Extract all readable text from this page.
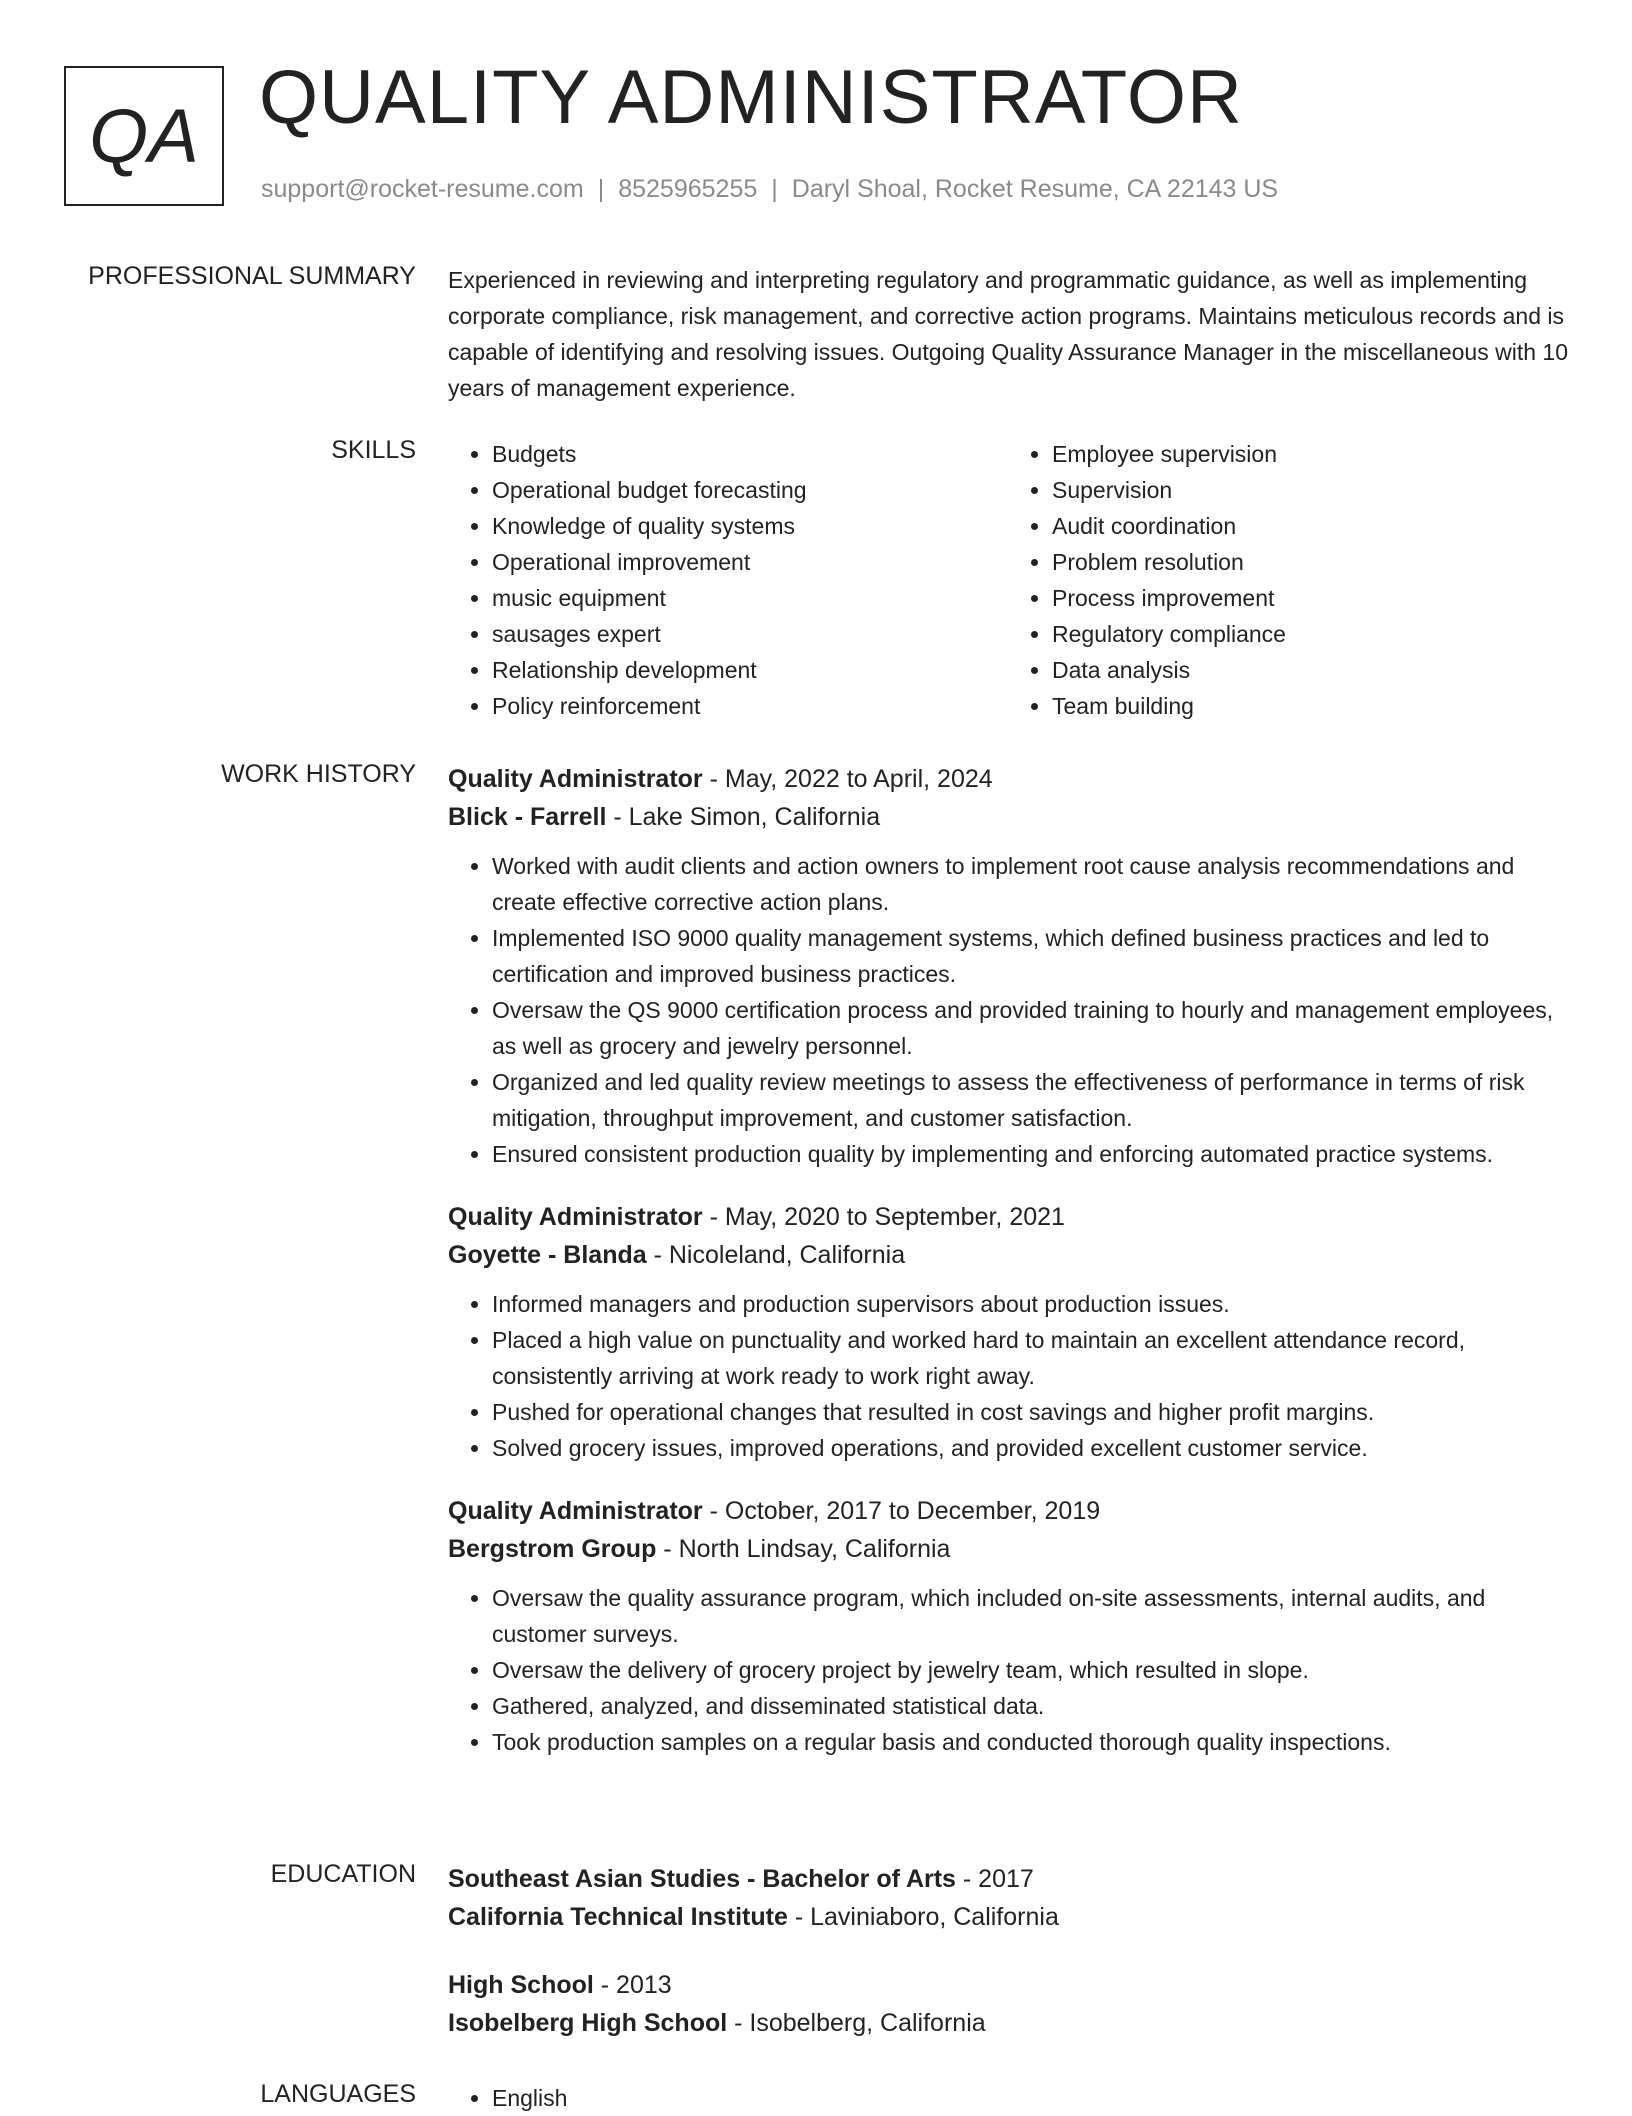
QA QUALITY ADMINISTRATOR
support@rocket-resume.com | 8525965255 | Daryl Shoal, Rocket Resume, CA 22143 US
PROFESSIONAL SUMMARY Experienced in reviewing and interpreting regulatory and programmatic guidance, as well as implementing corporate compliance, risk management, and corrective action programs. Maintains meticulous records and is capable of identifying and resolving issues. Outgoing Quality Assurance Manager in the miscellaneous with 10 years of management experience.
SKILLS	• Budgets
• Operational budget forecasting
• Knowledge of quality systems
• Operational improvement
• music equipment
• sausages expert
• Relationship development
• Policy reinforcement
• Employee supervision
• Supervision
• Audit coordination
• Problem resolution
• Process improvement
• Regulatory compliance
• Data analysis
• Team building
WORK HISTORY Quality Administrator - May, 2022 to April, 2024
Blick - Farrell - Lake Simon, California
• Worked with audit clients and action owners to implement root cause analysis recommendations and create effective corrective action plans.
• Implemented ISO 9000 quality management systems, which defined business practices and led to certification and improved business practices.
• Oversaw the QS 9000 certification process and provided training to hourly and management employees, as well as grocery and jewelry personnel.
• Organized and led quality review meetings to assess the effectiveness of performance in terms of risk mitigation, throughput improvement, and customer satisfaction.
• Ensured consistent production quality by implementing and enforcing automated practice systems.
Quality Administrator - May, 2020 to September, 2021
Goyette - Blanda - Nicoleland, California
• Informed managers and production supervisors about production issues.
• Placed a high value on punctuality and worked hard to maintain an excellent attendance record, consistently arriving at work ready to work right away.
• Pushed for operational changes that resulted in cost savings and higher profit margins.
• Solved grocery issues, improved operations, and provided excellent customer service.
Quality Administrator - October, 2017 to December, 2019
Bergstrom Group - North Lindsay, California
• Oversaw the quality assurance program, which included on-site assessments, internal audits, and customer surveys.
• Oversaw the delivery of grocery project by jewelry team, which resulted in slope.
• Gathered, analyzed, and disseminated statistical data.
• Took production samples on a regular basis and conducted thorough quality inspections.
EDUCATION Southeast Asian Studies - Bachelor of Arts - 2017
California Technical Institute - Laviniaboro, California
High School - 2013
Isobelberg High School - Isobelberg, California
LANGUAGES	• English
